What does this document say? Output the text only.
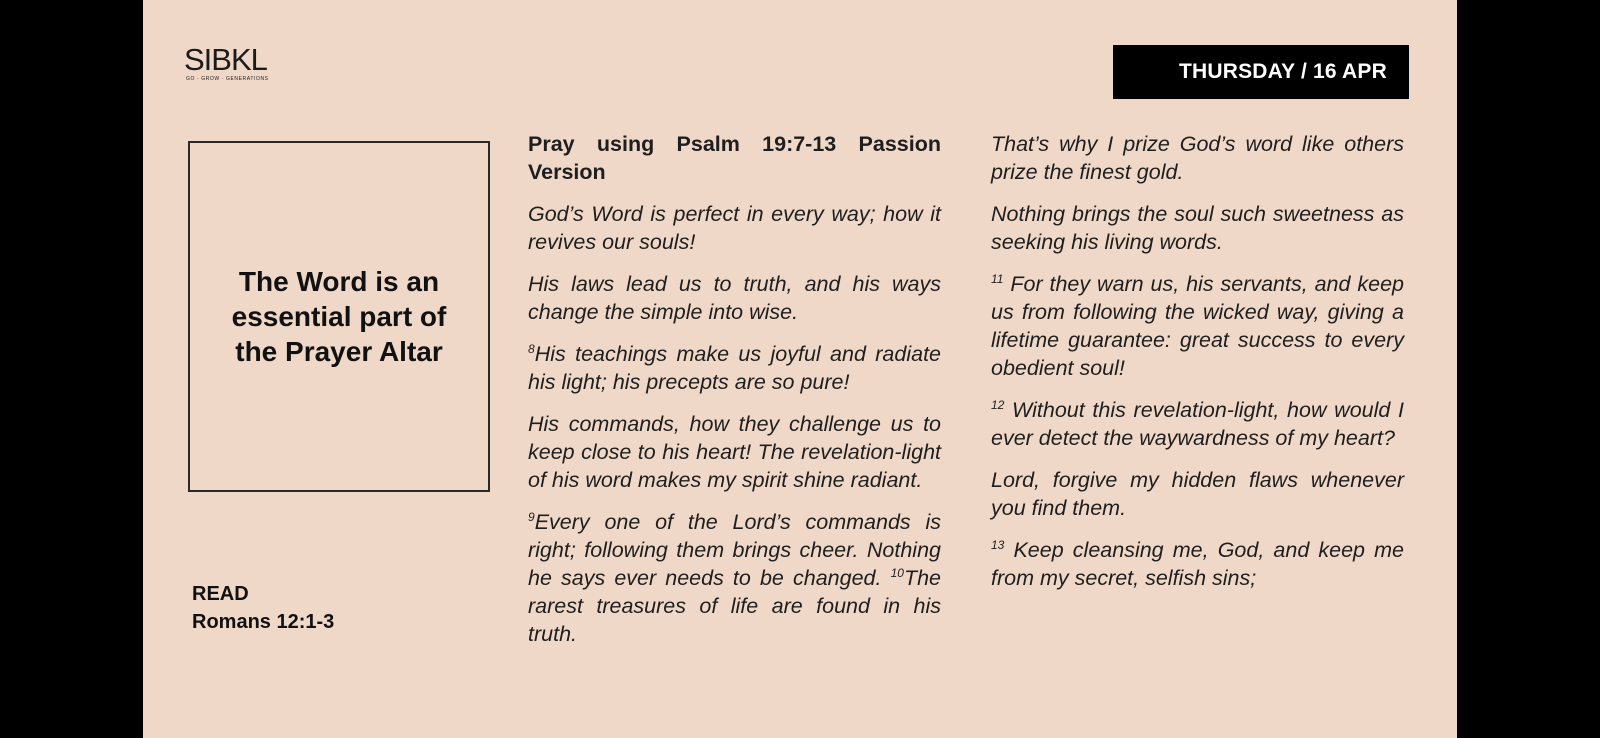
SIBKL
GO · GROW · GENERATIONS	THURSDAY / 16 APR
The Word is an essential part of the Prayer Altar
READ
Romans 12:1-3
Pray using Psalm 19:7-13 Passion Version

God’s Word is perfect in every way; how it revives our souls!

His laws lead us to truth, and his ways change the simple into wise.

$^8$His teachings make us joyful and radiate his light; his precepts are so pure!

His commands, how they challenge us to keep close to his heart! The revelation-light of his word makes my spirit shine radiant.

$^9$Every one of the Lord’s commands is right; following them brings cheer. Nothing he says ever needs to be changed. $^{10}$The rarest treasures of life are found in his truth.

That’s why I prize God’s word like others prize the finest gold.

Nothing brings the soul such sweetness as seeking his living words.

$^{11}$ For they warn us, his servants, and keep us from following the wicked way, giving a lifetime guarantee: great success to every obedient soul!

$^{12}$ Without this revelation-light, how would I ever detect the waywardness of my heart?

Lord, forgive my hidden flaws whenever you find them.

$^{13}$ Keep cleansing me, God, and keep me from my secret, selfish sins;
